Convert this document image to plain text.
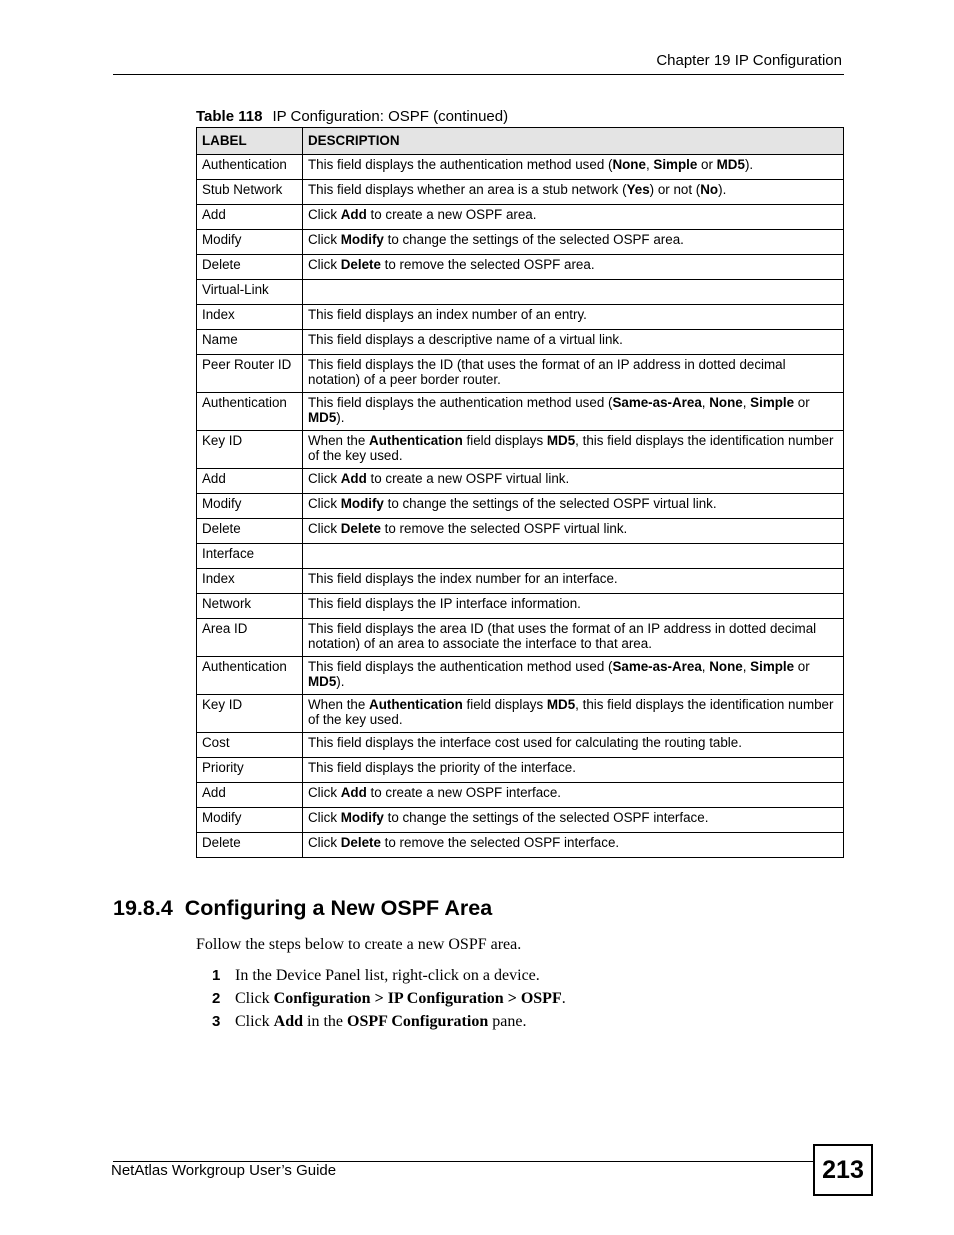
Chapter 19 IP Configuration
Table 118 IP Configuration: OSPF (continued)
LABEL	DESCRIPTION
Authentication	This field displays the authentication method used (None, Simple or MD5).
Stub Network	This field displays whether an area is a stub network (Yes) or not (No).
Add	Click Add to create a new OSPF area.
Modify	Click Modify to change the settings of the selected OSPF area.
Delete	Click Delete to remove the selected OSPF area.
Virtual-Link	
Index	This field displays an index number of an entry.
Name	This field displays a descriptive name of a virtual link.
Peer Router ID	This field displays the ID (that uses the format of an IP address in dotted decimal notation) of a peer border router.
Authentication	This field displays the authentication method used (Same-as-Area, None, Simple or MD5).
Key ID	When the Authentication field displays MD5, this field displays the identification number of the key used.
Add	Click Add to create a new OSPF virtual link.
Modify	Click Modify to change the settings of the selected OSPF virtual link.
Delete	Click Delete to remove the selected OSPF virtual link.
Interface	
Index	This field displays the index number for an interface.
Network	This field displays the IP interface information.
Area ID	This field displays the area ID (that uses the format of an IP address in dotted decimal notation) of an area to associate the interface to that area.
Authentication	This field displays the authentication method used (Same-as-Area, None, Simple or MD5).
Key ID	When the Authentication field displays MD5, this field displays the identification number of the key used.
Cost	This field displays the interface cost used for calculating the routing table.
Priority	This field displays the priority of the interface.
Add	Click Add to create a new OSPF interface.
Modify	Click Modify to change the settings of the selected OSPF interface.
Delete	Click Delete to remove the selected OSPF interface.
19.8.4 Configuring a New OSPF Area
Follow the steps below to create a new OSPF area.
1 In the Device Panel list, right-click on a device.
2 Click Configuration > IP Configuration > OSPF.
3 Click Add in the OSPF Configuration pane.
NetAtlas Workgroup User’s Guide	213
